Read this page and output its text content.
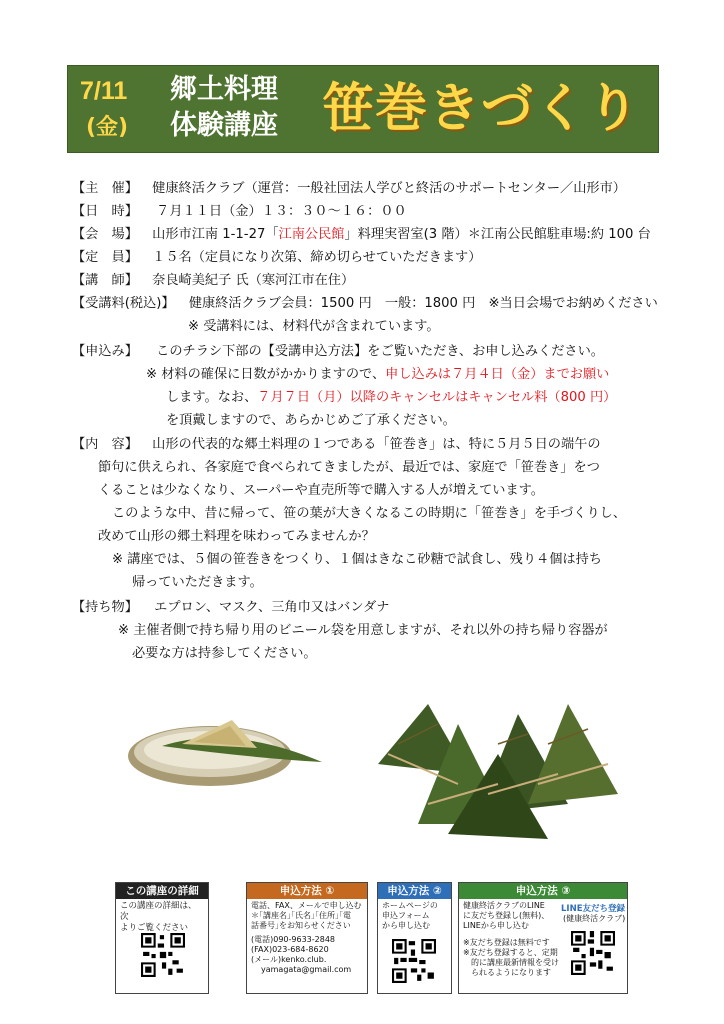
7/11
(金)
郷土料理
体験講座 笹巻きづくり
【主　催】 健康終活クラブ（運営：一般社団法人学びと終活のサポートセンター／山形市）
【日　時】 ７月１１日（金）１３：３０～１６：００
【会　場】 山形市江南 1-1-27「江南公民館」料理実習室(3 階）＊江南公民館駐車場:約 100 台
【定　員】 １５名（定員になり次第、締め切らせていただきます）
【講　師】 奈良崎美紀子 氏（寒河江市在住）
【受講料(税込)】 健康終活クラブ会員：1500 円　一般：1800 円　※当日会場でお納めください
※ 受講料には、材料代が含まれています。
【申込み】 このチラシ下部の【受講申込方法】をご覧いただき、お申し込みください。
※ 材料の確保に日数がかかりますので、申し込みは７月４日（金）までお願い
します。なお、７月７日（月）以降のキャンセルはキャンセル料（800 円）
を頂戴しますので、あらかじめご了承ください。
【内　容】 山形の代表的な郷土料理の１つである「笹巻き」は、特に５月５日の端午の
節句に供えられ、各家庭で食べられてきましたが、最近では、家庭で「笹巻き」をつ
くることは少なくなり、スーパーや直売所等で購入する人が増えています。
このような中、昔に帰って、笹の葉が大きくなるこの時期に「笹巻き」を手づくりし、
改めて山形の郷土料理を味わってみませんか？
※ 講座では、５個の笹巻きをつくり、１個はきなこ砂糖で試食し、残り４個は持ち
帰っていただきます。
【持ち物】 エプロン、マスク、三角巾又はバンダナ
※ 主催者側で持ち帰り用のビニール袋を用意しますが、それ以外の持ち帰り容器が
必要な方は持参してください。
この講座の詳細
この講座の詳細は、次
よりご覧ください
申込方法 ①
電話、FAX、メールで申し込む
＊｢講座名｣｢氏名｣｢住所｣｢電
話番号｣をお知らせください
(電話)090-9633-2848
(FAX)023-684-8620
(メール)kenko.club.
yamagata@gmail.com
申込方法 ②
ホームページの
申込フォーム
から申し込む
申込方法 ③
健康終活クラブのLINE
に友だち登録し(無料)、
LINEから申し込む
※友だち登録は無料です
※友だち登録すると、定期
的に講座最新情報を受け
られるようになります
LINE友だち登録
(健康終活クラブ)
